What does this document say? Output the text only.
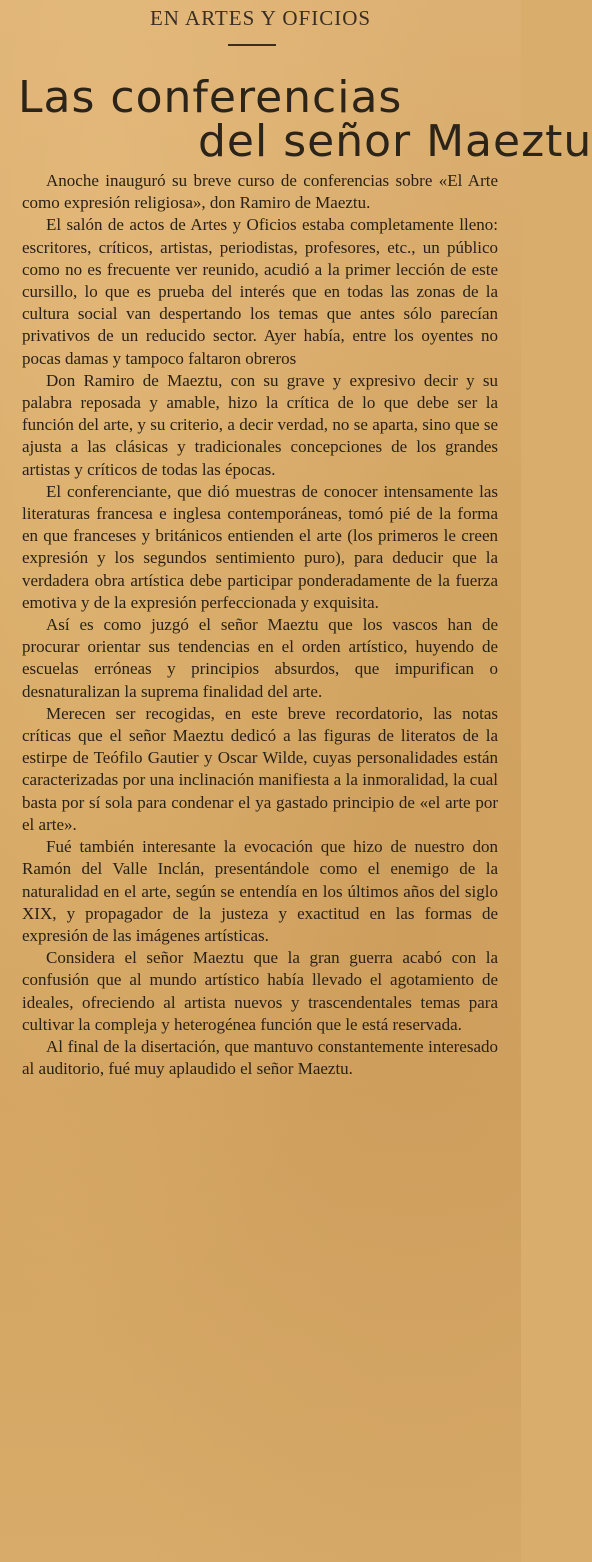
EN ARTES Y OFICIOS
Las conferencias
del señor Maeztu

Anoche inauguró su breve curso de conferencias sobre «El Arte como expresión religiosa», don Ramiro de Maeztu.

El salón de actos de Artes y Oficios estaba completamente lleno: escritores, críticos, artistas, periodistas, profesores, etc., un público como no es frecuente ver reunido, acudió a la primer lección de este cursillo, lo que es prueba del interés que en todas las zonas de la cultura social van despertando los temas que antes sólo parecían privativos de un reducido sector. Ayer había, entre los oyentes no pocas damas y tampoco faltaron obreros

Don Ramiro de Maeztu, con su grave y expresivo decir y su palabra reposada y amable, hizo la crítica de lo que debe ser la función del arte, y su criterio, a decir verdad, no se aparta, sino que se ajusta a las clásicas y tradicionales concepciones de los grandes artistas y críticos de todas las épocas.

El conferenciante, que dió muestras de conocer intensamente las literaturas francesa e inglesa contemporáneas, tomó pié de la forma en que franceses y británicos entienden el arte (los primeros le creen expresión y los segundos sentimiento puro), para deducir que la verdadera obra artística debe participar ponderadamente de la fuerza emotiva y de la expresión perfeccionada y exquisita.

Así es como juzgó el señor Maeztu que los vascos han de procurar orientar sus tendencias en el orden artístico, huyendo de escuelas erróneas y principios absurdos, que impurifican o desnaturalizan la suprema finalidad del arte.

Merecen ser recogidas, en este breve recordatorio, las notas críticas que el señor Maeztu dedicó a las figuras de literatos de la estirpe de Teófilo Gautier y Oscar Wilde, cuyas personalidades están caracterizadas por una inclinación manifiesta a la inmoralidad, la cual basta por sí sola para condenar el ya gastado principio de «el arte por el arte».

Fué también interesante la evocación que hizo de nuestro don Ramón del Valle Inclán, presentándole como el enemigo de la naturalidad en el arte, según se entendía en los últimos años del siglo XIX, y propagador de la justeza y exactitud en las formas de expresión de las imágenes artísticas.

Considera el señor Maeztu que la gran guerra acabó con la confusión que al mundo artístico había llevado el agotamiento de ideales, ofreciendo al artista nuevos y trascendentales temas para cultivar la compleja y heterogénea función que le está reservada.

Al final de la disertación, que mantuvo constantemente interesado al auditorio, fué muy aplaudido el señor Maeztu.
